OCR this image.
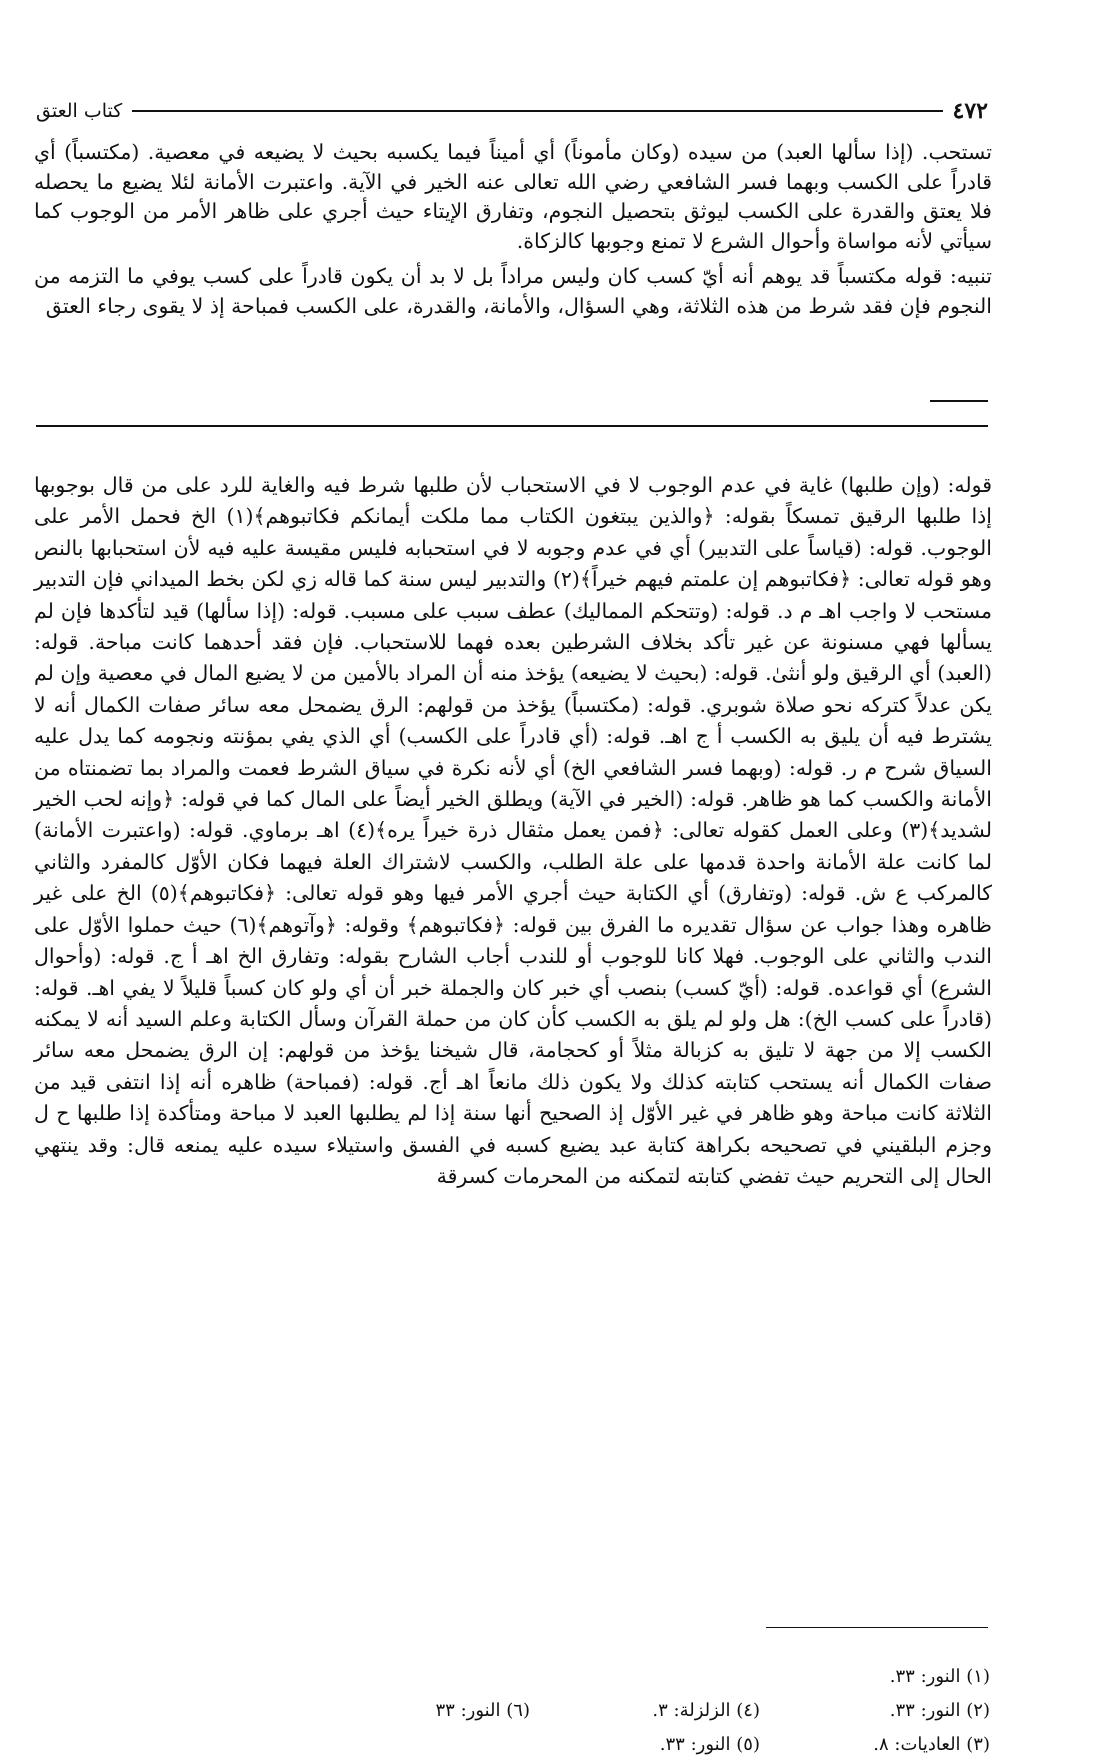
كتاب العتق	٤٧٢

تستحب. (إذا سألها العبد) من سيده (وكان مأموناً) أي أميناً فيما يكسبه بحيث لا يضيعه في معصية. (مكتسباً) أي قادراً على الكسب وبهما فسر الشافعي رضي الله تعالى عنه الخير في الآية. واعتبرت الأمانة لئلا يضيع ما يحصله فلا يعتق والقدرة على الكسب ليوثق بتحصيل النجوم، وتفارق الإيتاء حيث أجري على ظاهر الأمر من الوجوب كما سيأتي لأنه مواساة وأحوال الشرع لا تمنع وجوبها كالزكاة.

تنبيه: قوله مكتسباً قد يوهم أنه أيّ كسب كان وليس مراداً بل لا بد أن يكون قادراً على كسب يوفي ما التزمه من النجوم فإن فقد شرط من هذه الثلاثة، وهي السؤال، والأمانة، والقدرة، على الكسب فمباحة إذ لا يقوى رجاء العتق

قوله: (وإن طلبها) غاية في عدم الوجوب لا في الاستحباب لأن طلبها شرط فيه والغاية للرد على من قال بوجوبها إذا طلبها الرقيق تمسكاً بقوله: ﴿والذين يبتغون الكتاب مما ملكت أيمانكم فكاتبوهم﴾(١) الخ فحمل الأمر على الوجوب. قوله: (قياساً على التدبير) أي في عدم وجوبه لا في استحبابه فليس مقيسة عليه فيه لأن استحبابها بالنص وهو قوله تعالى: ﴿فكاتبوهم إن علمتم فيهم خيراً﴾(٢) والتدبير ليس سنة كما قاله زي لكن بخط الميداني فإن التدبير مستحب لا واجب اهـ م د. قوله: (وتتحكم المماليك) عطف سبب على مسبب. قوله: (إذا سألها) قيد لتأكدها فإن لم يسألها فهي مسنونة عن غير تأكد بخلاف الشرطين بعده فهما للاستحباب. فإن فقد أحدهما كانت مباحة. قوله: (العبد) أي الرقيق ولو أنثىٰ. قوله: (بحيث لا يضيعه) يؤخذ منه أن المراد بالأمين من لا يضيع المال في معصية وإن لم يكن عدلاً كتركه نحو صلاة شوبري. قوله: (مكتسباً) يؤخذ من قولهم: الرق يضمحل معه سائر صفات الكمال أنه لا يشترط فيه أن يليق به الكسب أ ج اهـ. قوله: (أي قادراً على الكسب) أي الذي يفي بمؤنته ونجومه كما يدل عليه السياق شرح م ر. قوله: (وبهما فسر الشافعي الخ) أي لأنه نكرة في سياق الشرط فعمت والمراد بما تضمنتاه من الأمانة والكسب كما هو ظاهر. قوله: (الخير في الآية) ويطلق الخير أيضاً على المال كما في قوله: ﴿وإنه لحب الخير لشديد﴾(٣) وعلى العمل كقوله تعالى: ﴿فمن يعمل مثقال ذرة خيراً يره﴾(٤) اهـ برماوي. قوله: (واعتبرت الأمانة) لما كانت علة الأمانة واحدة قدمها على علة الطلب، والكسب لاشتراك العلة فيهما فكان الأوّل كالمفرد والثاني كالمركب ع ش. قوله: (وتفارق) أي الكتابة حيث أجري الأمر فيها وهو قوله تعالى: ﴿فكاتبوهم﴾(٥) الخ على غير ظاهره وهذا جواب عن سؤال تقديره ما الفرق بين قوله: ﴿فكاتبوهم﴾ وقوله: ﴿وآتوهم﴾(٦) حيث حملوا الأوّل على الندب والثاني على الوجوب. فهلا كانا للوجوب أو للندب أجاب الشارح بقوله: وتفارق الخ اهـ أ ج. قوله: (وأحوال الشرع) أي قواعده. قوله: (أيّ كسب) بنصب أي خبر كان والجملة خبر أن أي ولو كان كسباً قليلاً لا يفي اهـ. قوله: (قادراً على كسب الخ): هل ولو لم يلق به الكسب كأن كان من حملة القرآن وسأل الكتابة وعلم السيد أنه لا يمكنه الكسب إلا من جهة لا تليق به كزبالة مثلاً أو كحجامة، قال شيخنا يؤخذ من قولهم: إن الرق يضمحل معه سائر صفات الكمال أنه يستحب كتابته كذلك ولا يكون ذلك مانعاً اهـ أج. قوله: (فمباحة) ظاهره أنه إذا انتفى قيد من الثلاثة كانت مباحة وهو ظاهر في غير الأوّل إذ الصحيح أنها سنة إذا لم يطلبها العبد لا مباحة ومتأكدة إذا طلبها ح ل وجزم البلقيني في تصحيحه بكراهة كتابة عبد يضيع كسبه في الفسق واستيلاء سيده عليه يمنعه قال: وقد ينتهي الحال إلى التحريم حيث تفضي كتابته لتمكنه من المحرمات كسرقة

(١) النور: ٣٣.
(٢) النور: ٣٣.
(٤) الزلزلة: ٣.
(٦) النور: ٣٣
(٣) العاديات: ٨.
(٥) النور: ٣٣.
